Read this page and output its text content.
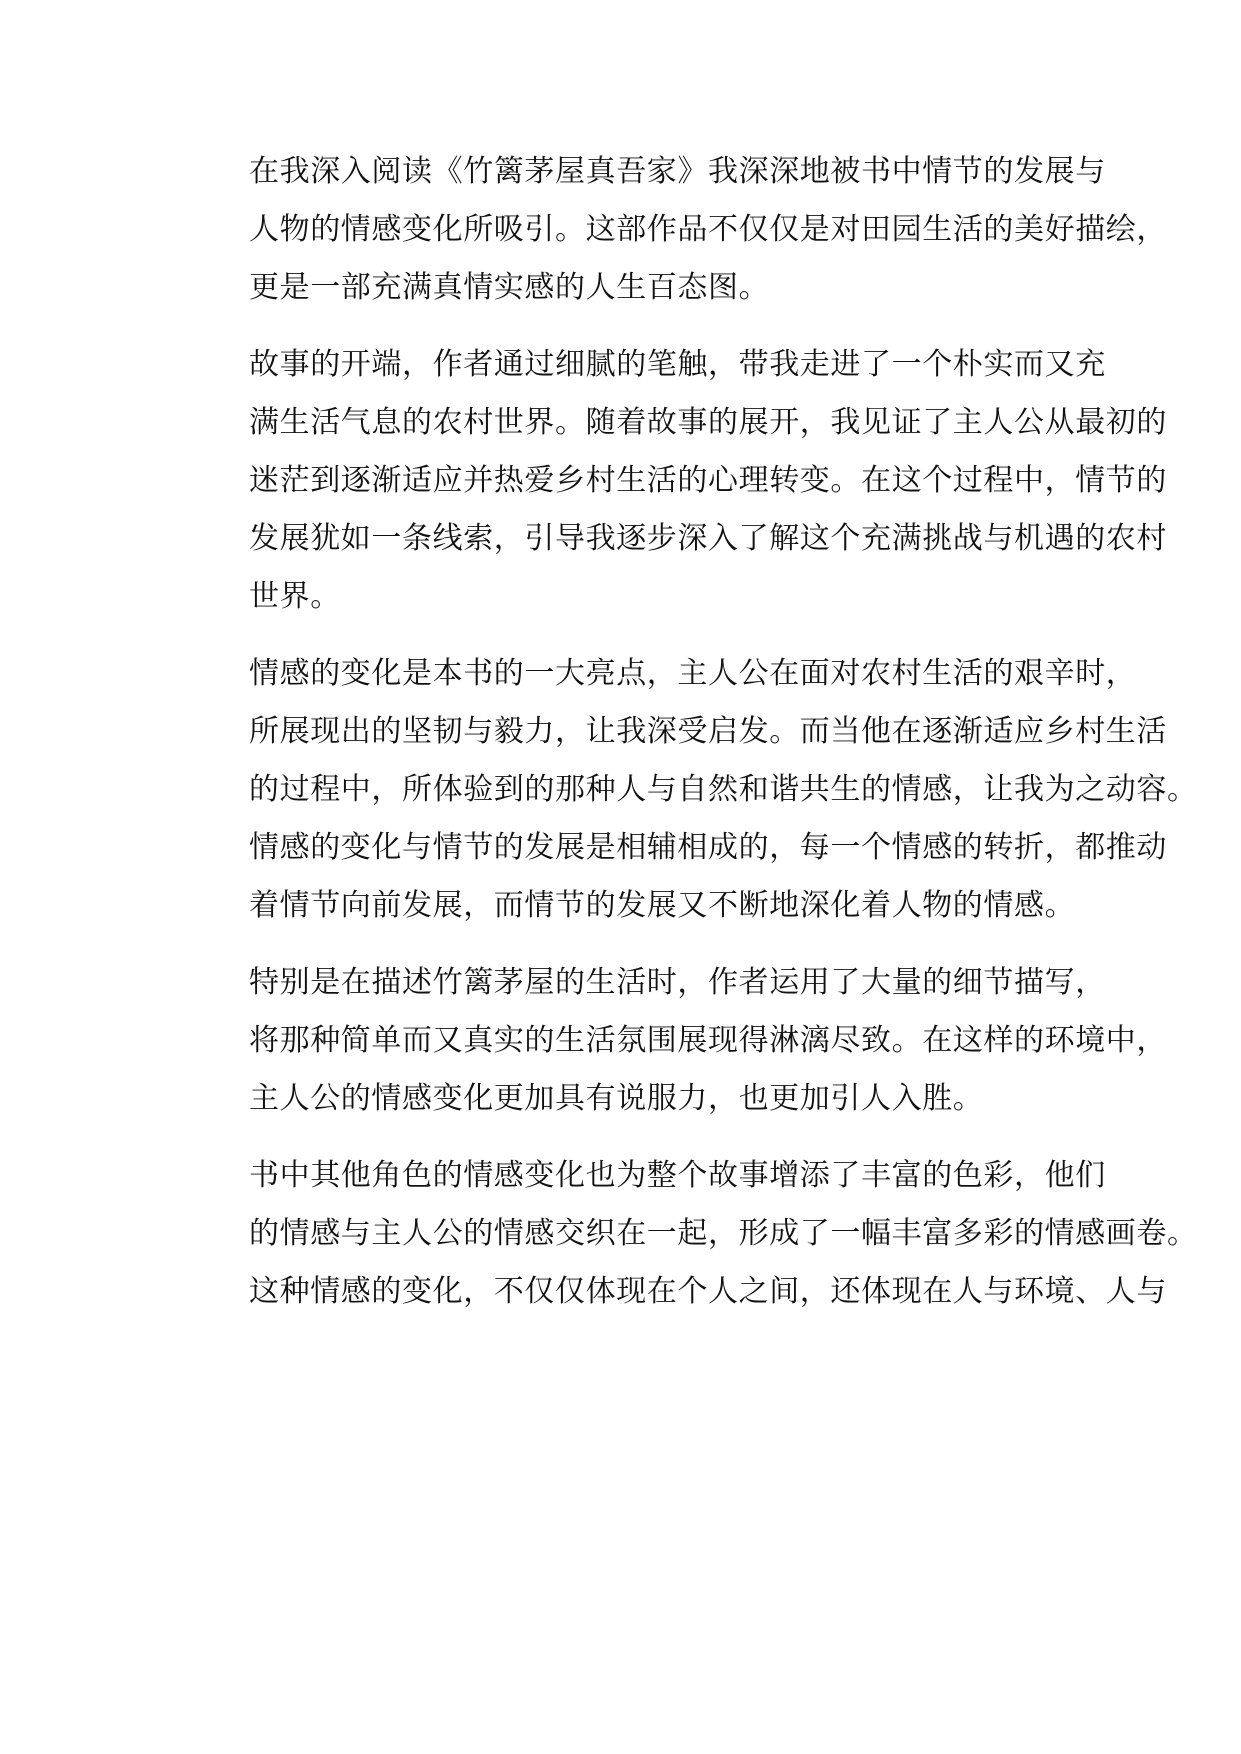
在我深入阅读《竹篱茅屋真吾家》我深深地被书中情节的发展与
人物的情感变化所吸引。这部作品不仅仅是对田园生活的美好描绘，
更是一部充满真情实感的人生百态图。

故事的开端，作者通过细腻的笔触，带我走进了一个朴实而又充
满生活气息的农村世界。随着故事的展开，我见证了主人公从最初的
迷茫到逐渐适应并热爱乡村生活的心理转变。在这个过程中，情节的
发展犹如一条线索，引导我逐步深入了解这个充满挑战与机遇的农村
世界。

情感的变化是本书的一大亮点，主人公在面对农村生活的艰辛时，
所展现出的坚韧与毅力，让我深受启发。而当他在逐渐适应乡村生活
的过程中，所体验到的那种人与自然和谐共生的情感，让我为之动容。
情感的变化与情节的发展是相辅相成的，每一个情感的转折，都推动
着情节向前发展，而情节的发展又不断地深化着人物的情感。

特别是在描述竹篱茅屋的生活时，作者运用了大量的细节描写，
将那种简单而又真实的生活氛围展现得淋漓尽致。在这样的环境中，
主人公的情感变化更加具有说服力，也更加引人入胜。

书中其他角色的情感变化也为整个故事增添了丰富的色彩，他们
的情感与主人公的情感交织在一起，形成了一幅丰富多彩的情感画卷。
这种情感的变化，不仅仅体现在个人之间，还体现在人与环境、人与
